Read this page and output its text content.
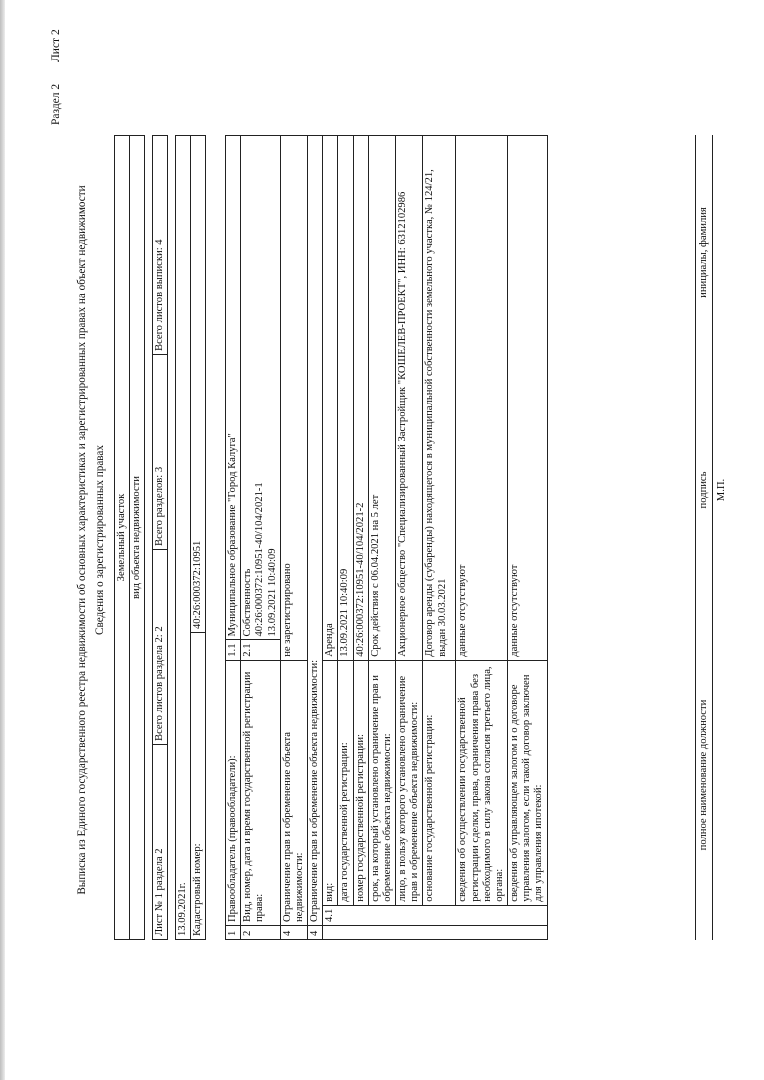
Раздел 2
Лист 2
Выписка из Единого государственного реестра недвижимости об основных характеристиках и зарегистрированных правах на объект недвижимости Сведения о зарегистрированных правах Земельный участок
вид объекта недвижимости
Лист № 1 раздела 2	Всего листов раздела 2: 2	Всего разделов: 3	Всего листов выписки: 4
13.09.2021г.
Кадастровый номер:	40:26:000372:10951
1	Правообладатель (правообладатели):		1.1	Муниципальное образование "Город Калуга"
2	Вид, номер, дата и время государственной регистрации права:		2.1	Собственность 40:26:000372:10951-40/104/2021-1 13.09.2021 10:40:09

4	Ограничение прав и обременение объекта недвижимости:		не зарегистрировано	
4	Ограничение прав и обременение объекта недвижимости:			
	4.1	вид:	Аренда	
		дата государственной регистрации:	13.09.2021 10:40:09	
		номер государственной регистрации:	40:26:000372:10951-40/104/2021-2	
		срок, на который установлено ограничение прав и обременение объекта недвижимости:	Срок действия с 06.04.2021 на 5 лет	
		лицо, в пользу которого установлено ограничение прав и обременение объекта недвижимости:	Акционерное общество "Специализированный Застройщик "КОШЕЛЕВ-ПРОЕКТ", ИНН: 6312102986	
		основание государственной регистрации:	Договор аренды (субаренды) находящегося в муниципальной собственности земельного участка, № 124/21, выдан 30.03.2021	
		сведения об осуществлении государственной регистрации сделки, права, ограничения права без необходимого в силу закона согласия третьего лица, органа:	данные отсутствуют	
		сведения об управляющем залогом и о договоре управления залогом, если такой договор заключен для управления ипотекой:	данные отсутствуют	
полное наименование должности
подпись
инициалы, фамилия
М.П.
